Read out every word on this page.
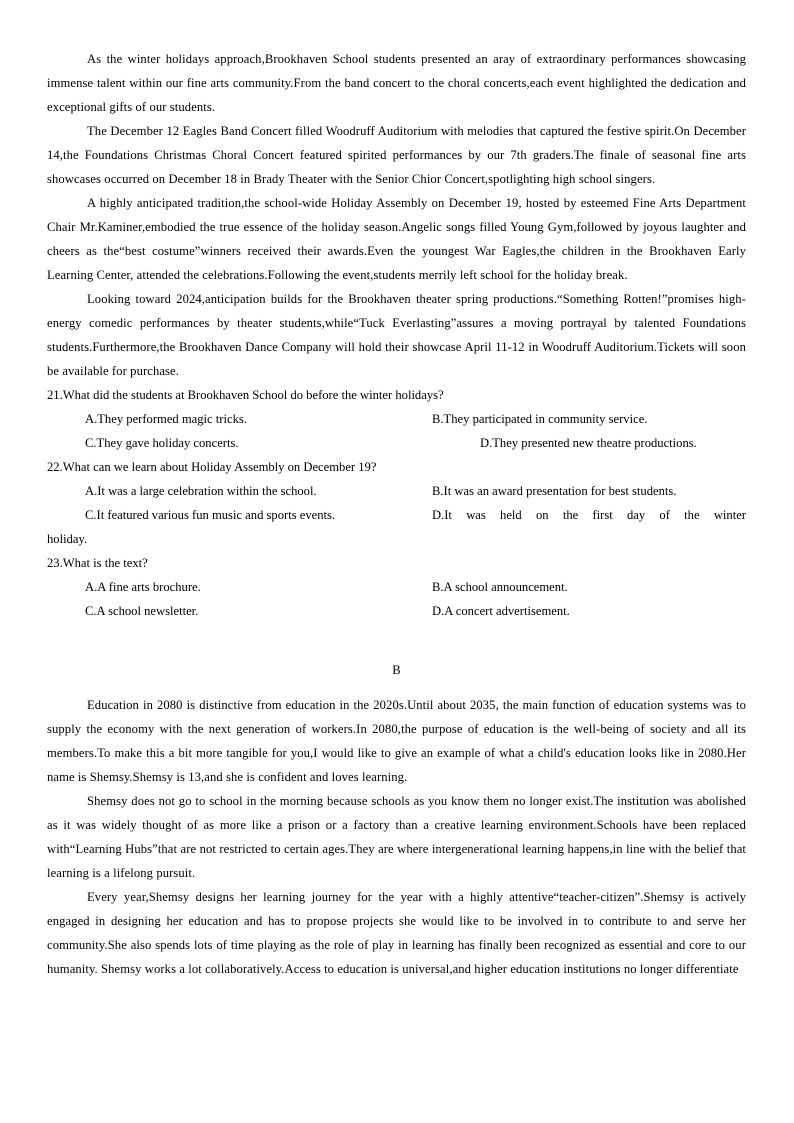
As the winter holidays approach,Brookhaven School students presented an aray of extraordinary performances showcasing immense talent within our fine arts community.From the band concert to the choral concerts,each event highlighted the dedication and exceptional gifts of our students.

The December 12 Eagles Band Concert filled Woodruff Auditorium with melodies that captured the festive spirit.On December 14,the Foundations Christmas Choral Concert featured spirited performances by our 7th graders.The finale of seasonal fine arts showcases occurred on December 18 in Brady Theater with the Senior Chior Concert,spotlighting high school singers.

A highly anticipated tradition,the school-wide Holiday Assembly on December 19, hosted by esteemed Fine Arts Department Chair Mr.Kaminer,embodied the true essence of the holiday season.Angelic songs filled Young Gym,followed by joyous laughter and cheers as the“best costume”winners received their awards.Even the youngest War Eagles,the children in the Brookhaven Early Learning Center, attended the celebrations.Following the event,students merrily left school for the holiday break.

Looking toward 2024,anticipation builds for the Brookhaven theater spring productions.“Something Rotten!”promises high-energy comedic performances by theater students,while“Tuck Everlasting”assures a moving portrayal by talented Foundations students.Furthermore,the Brookhaven Dance Company will hold their showcase April 11-12 in Woodruff Auditorium.Tickets will soon be available for purchase.

21.What did the students at Brookhaven School do before the winter holidays?

A.They performed magic tricks.	B.They participated in community service.
C.They gave holiday concerts.	D.They presented new theatre productions.

22.What can we learn about Holiday Assembly on December 19?

A.It was a large celebration within the school.	B.It was an award presentation for best students.
C.It featured various fun music and sports events.	D.It was held on the first day of the winter

holiday.

23.What is the text?

A.A fine arts brochure.	B.A school announcement.
C.A school newsletter.	D.A concert advertisement.

B

Education in 2080 is distinctive from education in the 2020s.Until about 2035, the main function of education systems was to supply the economy with the next generation of workers.In 2080,the purpose of education is the well-being of society and all its members.To make this a bit more tangible for you,I would like to give an example of what a child's education looks like in 2080.Her name is Shemsy.Shemsy is 13,and she is confident and loves learning.

Shemsy does not go to school in the morning because schools as you know them no longer exist.The institution was abolished as it was widely thought of as more like a prison or a factory than a creative learning environment.Schools have been replaced with“Learning Hubs”that are not restricted to certain ages.They are where intergenerational learning happens,in line with the belief that learning is a lifelong pursuit.

Every year,Shemsy designs her learning journey for the year with a highly attentive“teacher-citizen”.Shemsy is actively engaged in designing her education and has to propose projects she would like to be involved in to contribute to and serve her community.She also spends lots of time playing as the role of play in learning has finally been recognized as essential and core to our humanity. Shemsy works a lot collaboratively.Access to education is universal,and higher education institutions no longer differentiate
